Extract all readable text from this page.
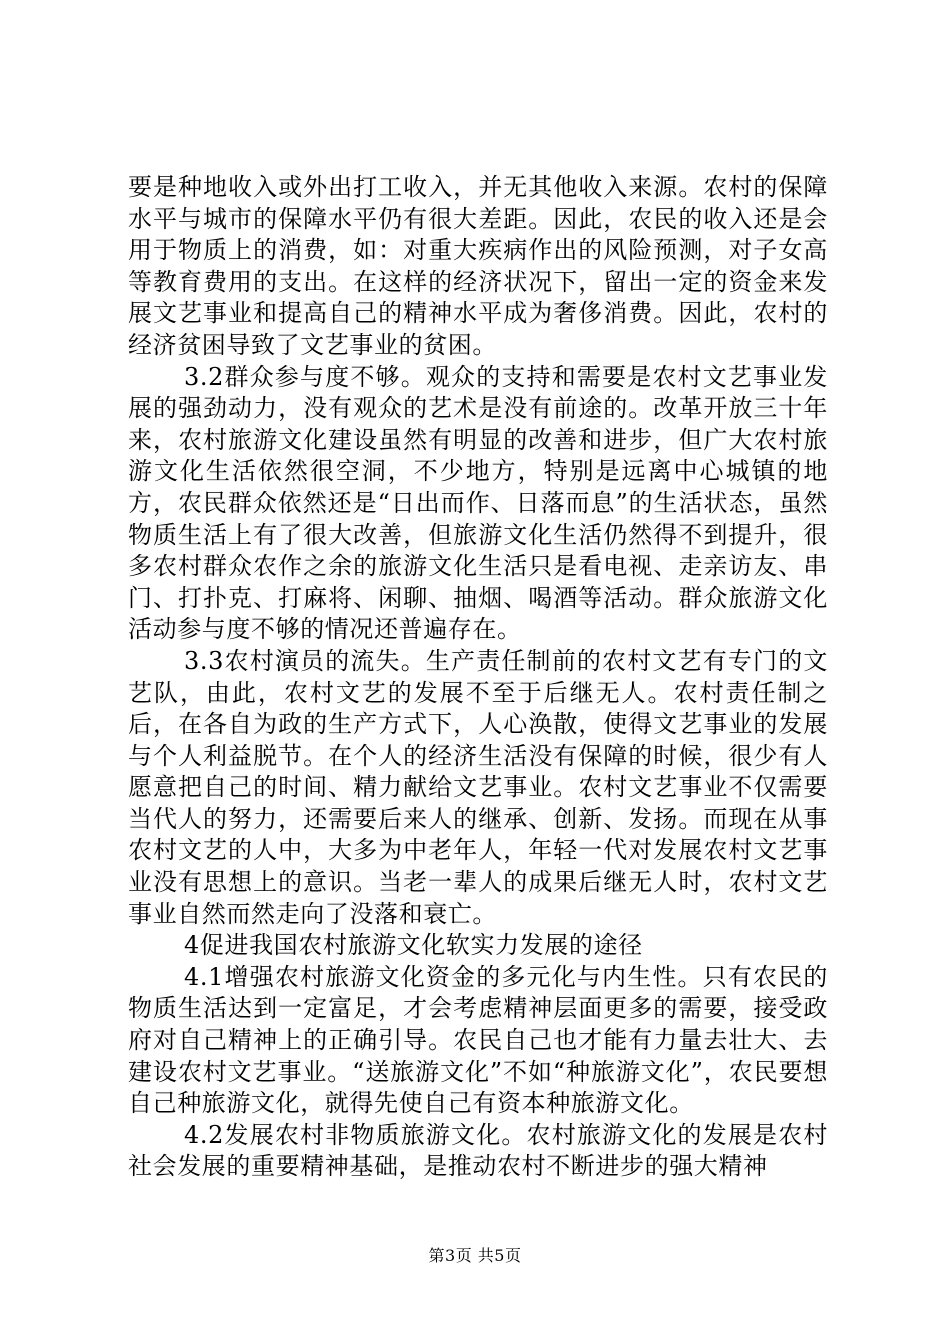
要是种地收入或外出打工收入，并无其他收入来源。农村的保障水平与城市的保障水平仍有很大差距。因此，农民的收入还是会用于物质上的消费，如：对重大疾病作出的风险预测，对子女高等教育费用的支出。在这样的经济状况下，留出一定的资金来发展文艺事业和提高自己的精神水平成为奢侈消费。因此，农村的经济贫困导致了文艺事业的贫困。

3.2群众参与度不够。观众的支持和需要是农村文艺事业发展的强劲动力，没有观众的艺术是没有前途的。改革开放三十年来，农村旅游文化建设虽然有明显的改善和进步，但广大农村旅游文化生活依然很空洞，不少地方，特别是远离中心城镇的地方，农民群众依然还是“日出而作、日落而息”的生活状态，虽然物质生活上有了很大改善，但旅游文化生活仍然得不到提升，很多农村群众农作之余的旅游文化生活只是看电视、走亲访友、串门、打扑克、打麻将、闲聊、抽烟、喝酒等活动。群众旅游文化活动参与度不够的情况还普遍存在。

3.3农村演员的流失。生产责任制前的农村文艺有专门的文艺队，由此，农村文艺的发展不至于后继无人。农村责任制之后，在各自为政的生产方式下，人心涣散，使得文艺事业的发展与个人利益脱节。在个人的经济生活没有保障的时候，很少有人愿意把自己的时间、精力献给文艺事业。农村文艺事业不仅需要当代人的努力，还需要后来人的继承、创新、发扬。而现在从事农村文艺的人中，大多为中老年人，年轻一代对发展农村文艺事业没有思想上的意识。当老一辈人的成果后继无人时，农村文艺事业自然而然走向了没落和衰亡。

4促进我国农村旅游文化软实力发展的途径

4.1增强农村旅游文化资金的多元化与内生性。只有农民的物质生活达到一定富足，才会考虑精神层面更多的需要，接受政府对自己精神上的正确引导。农民自己也才能有力量去壮大、去建设农村文艺事业。“送旅游文化”不如“种旅游文化”，农民要想自己种旅游文化，就得先使自己有资本种旅游文化。

4.2发展农村非物质旅游文化。农村旅游文化的发展是农村社会发展的重要精神基础，是推动农村不断进步的强大精神

第3页 共5页
